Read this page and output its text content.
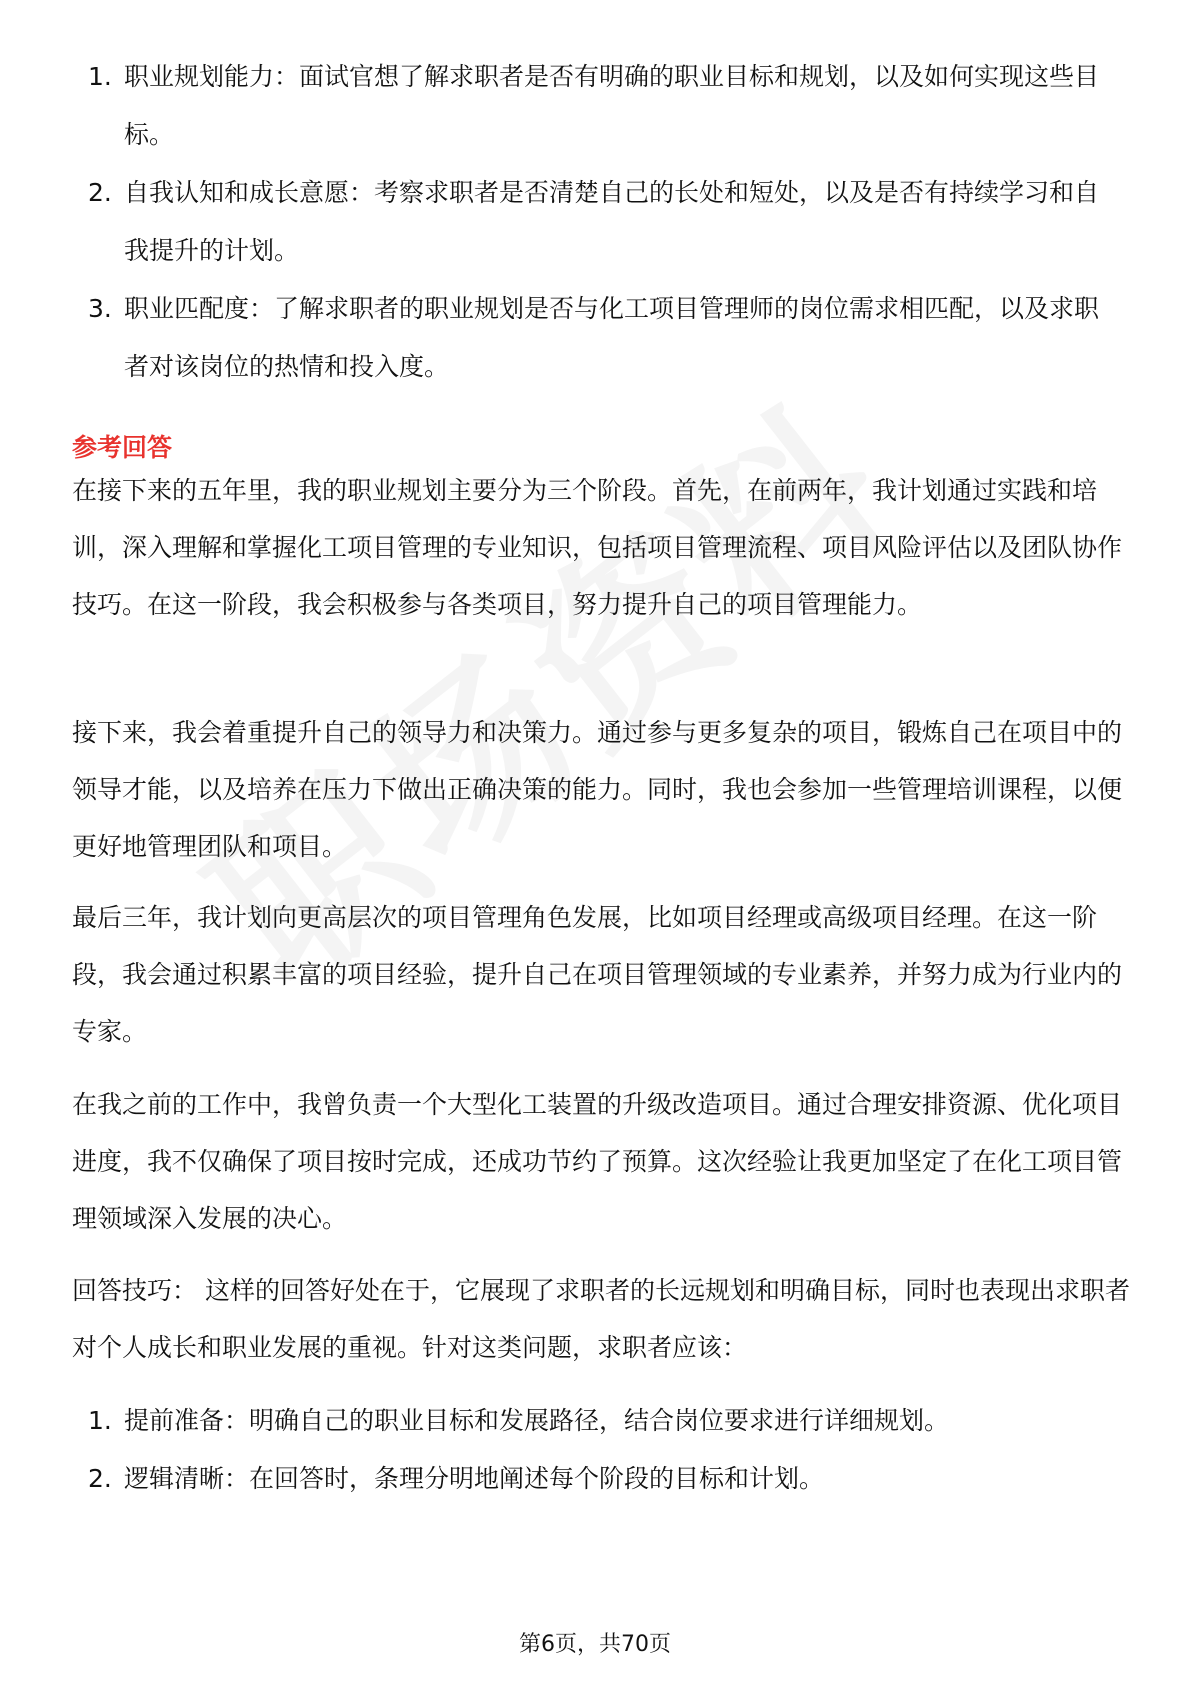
1. 职业规划能力：面试官想了解求职者是否有明确的职业目标和规划，以及如何实现这些目标。
2. 自我认知和成长意愿：考察求职者是否清楚自己的长处和短处，以及是否有持续学习和自我提升的计划。
3. 职业匹配度：了解求职者的职业规划是否与化工项目管理师的岗位需求相匹配，以及求职者对该岗位的热情和投入度。
参考回答

在接下来的五年里，我的职业规划主要分为三个阶段。首先，在前两年，我计划通过实践和培训，深入理解和掌握化工项目管理的专业知识，包括项目管理流程、项目风险评估以及团队协作技巧。在这一阶段，我会积极参与各类项目，努力提升自己的项目管理能力。

接下来，我会着重提升自己的领导力和决策力。通过参与更多复杂的项目，锻炼自己在项目中的领导才能，以及培养在压力下做出正确决策的能力。同时，我也会参加一些管理培训课程，以便更好地管理团队和项目。

最后三年，我计划向更高层次的项目管理角色发展，比如项目经理或高级项目经理。在这一阶段，我会通过积累丰富的项目经验，提升自己在项目管理领域的专业素养，并努力成为行业内的专家。

在我之前的工作中，我曾负责一个大型化工装置的升级改造项目。通过合理安排资源、优化项目进度，我不仅确保了项目按时完成，还成功节约了预算。这次经验让我更加坚定了在化工项目管理领域深入发展的决心。

回答技巧： 这样的回答好处在于，它展现了求职者的长远规划和明确目标，同时也表现出求职者对个人成长和职业发展的重视。针对这类问题，求职者应该：

1. 提前准备：明确自己的职业目标和发展路径，结合岗位要求进行详细规划。
2. 逻辑清晰：在回答时，条理分明地阐述每个阶段的目标和计划。
第6页，共70页
